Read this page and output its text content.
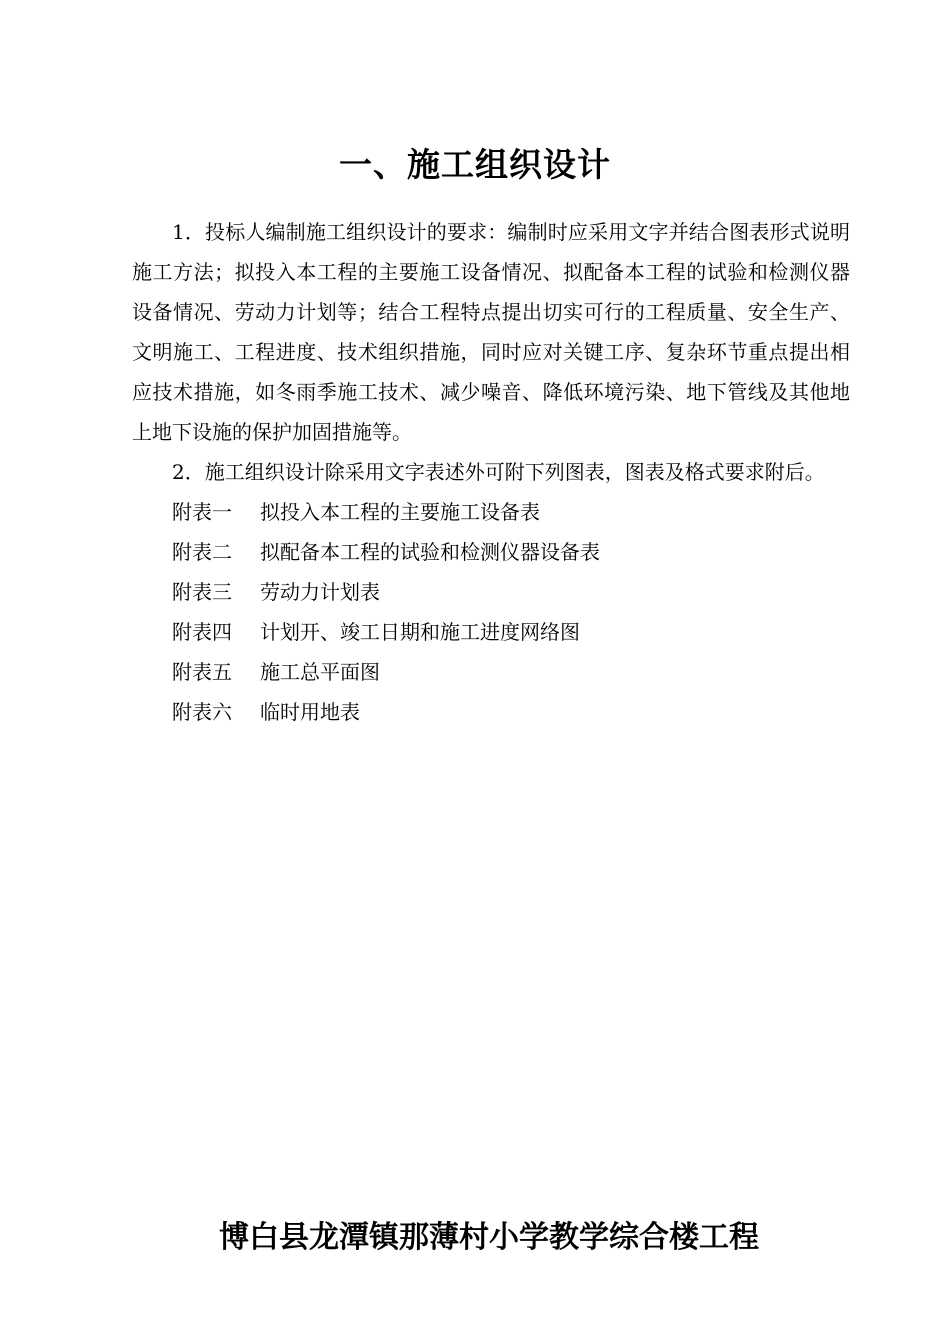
一、施工组织设计

1．投标人编制施工组织设计的要求：编制时应采用文字并结合图表形式说明施工方法；拟投入本工程的主要施工设备情况、拟配备本工程的试验和检测仪器设备情况、劳动力计划等；结合工程特点提出切实可行的工程质量、安全生产、文明施工、工程进度、技术组织措施，同时应对关键工序、复杂环节重点提出相应技术措施，如冬雨季施工技术、减少噪音、降低环境污染、地下管线及其他地上地下设施的保护加固措施等。

2．施工组织设计除采用文字表述外可附下列图表，图表及格式要求附后。

附表一 拟投入本工程的主要施工设备表
附表二 拟配备本工程的试验和检测仪器设备表
附表三 劳动力计划表
附表四 计划开、竣工日期和施工进度网络图
附表五 施工总平面图
附表六 临时用地表
博白县龙潭镇那薄村小学教学综合楼工程
